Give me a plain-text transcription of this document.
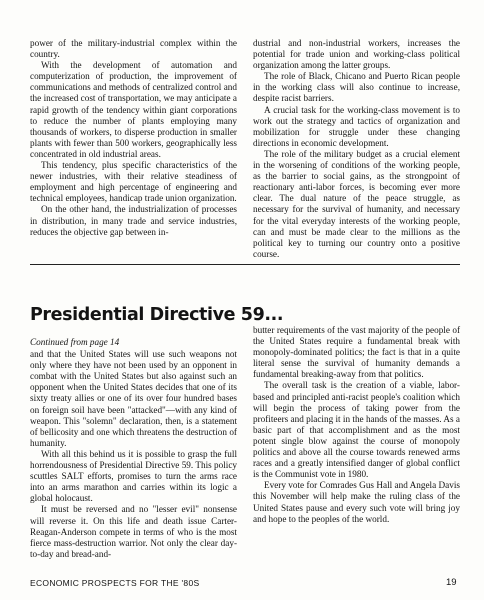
power of the military-industrial complex within the country.

With the development of automation and computerization of production, the improvement of communications and methods of centralized control and the increased cost of transportation, we may anticipate a rapid growth of the tendency within giant corporations to reduce the number of plants employing many thousands of workers, to disperse production in smaller plants with fewer than 500 workers, geographically less concentrated in old industrial areas.

This tendency, plus specific characteristics of the newer industries, with their relative steadiness of employment and high percentage of engineering and technical employees, handicap trade union organization.

On the other hand, the industrialization of processes in distribution, in many trade and service industries, reduces the objective gap between in-

dustrial and non-industrial workers, increases the potential for trade union and working-class political organization among the latter groups.

The role of Black, Chicano and Puerto Rican people in the working class will also continue to increase, despite racist barriers.

A crucial task for the working-class movement is to work out the strategy and tactics of organization and mobilization for struggle under these changing directions in economic development.

The role of the military budget as a crucial element in the worsening of conditions of the working people, as the barrier to social gains, as the strongpoint of reactionary anti-labor forces, is becoming ever more clear. The dual nature of the peace struggle, as necessary for the survival of humanity, and necessary for the vital everyday interests of the working people, can and must be made clear to the millions as the political key to turning our country onto a positive course.

Presidential Directive 59...
Continued from page 14

and that the United States will use such weapons not only where they have not been used by an opponent in combat with the United States but also against such an opponent when the United States decides that one of its sixty treaty allies or one of its over four hundred bases on foreign soil have been "attacked"—with any kind of weapon. This "solemn" declaration, then, is a statement of bellicosity and one which threatens the destruction of humanity.

With all this behind us it is possible to grasp the full horrendousness of Presidential Directive 59. This policy scuttles SALT efforts, promises to turn the arms race into an arms marathon and carries within its logic a global holocaust.

It must be reversed and no "lesser evil" nonsense will reverse it. On this life and death issue Carter-Reagan-Anderson compete in terms of who is the most fierce mass-destruction warrior. Not only the clear day-to-day and bread-and-

butter requirements of the vast majority of the people of the United States require a fundamental break with monopoly-dominated politics; the fact is that in a quite literal sense the survival of humanity demands a fundamental breaking-away from that politics.

The overall task is the creation of a viable, labor-based and principled anti-racist people's coalition which will begin the process of taking power from the profiteers and placing it in the hands of the masses. As a basic part of that accomplishment and as the most potent single blow against the course of monopoly politics and above all the course towards renewed arms races and a greatly intensified danger of global conflict is the Communist vote in 1980.

Every vote for Comrades Gus Hall and Angela Davis this November will help make the ruling class of the United States pause and every such vote will bring joy and hope to the peoples of the world.

ECONOMIC PROSPECTS FOR THE '80S	19
